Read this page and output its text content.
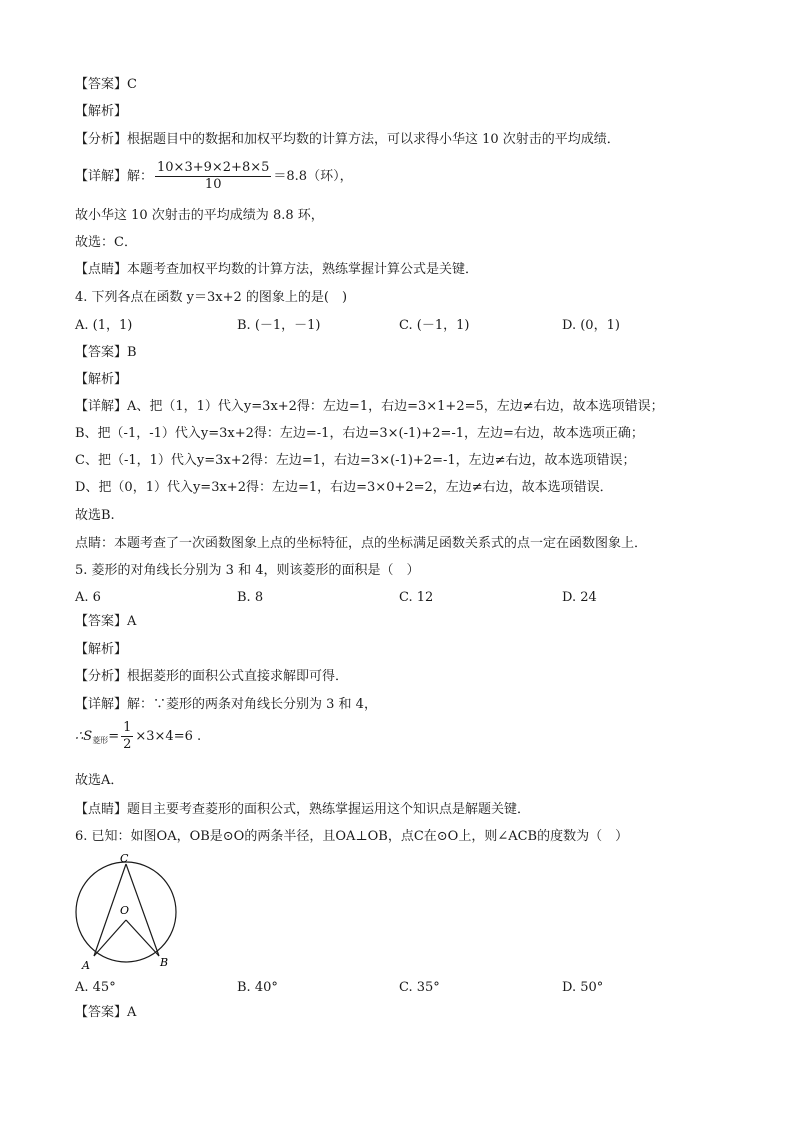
【答案】C
【解析】
【分析】根据题目中的数据和加权平均数的计算方法，可以求得小华这 10 次射击的平均成绩．
【详解】解： $\frac{10\times 3+9\times 2+8\times 5}{10} =8.8$（环），
故小华这 10 次射击的平均成绩为 8.8 环，
故选：C．
【点睛】本题考查加权平均数的计算方法，熟练掌握计算公式是关键．
4. 下列各点在函数 y＝3x+2 的图象上的是(　)
A. (1，1)	B. (－1，－1)	C. (－1，1)	D. (0，1)
【答案】B
【解析】
【详解】A、把（1，1）代入y=3x+2得：左边=1，右边=3×1+2=5，左边≠右边，故本选项错误；
B、把（-1，-1）代入y=3x+2得：左边=-1，右边=3×(-1)+2=-1，左边=右边，故本选项正确；
C、把（-1，1）代入y=3x+2得：左边=1，右边=3×(-1)+2=-1，左边≠右边，故本选项错误；
D、把（0，1）代入y=3x+2得：左边=1，右边=3×0+2=2，左边≠右边，故本选项错误．
故选B.
点睛：本题考查了一次函数图象上点的坐标特征，点的坐标满足函数关系式的点一定在函数图象上．
5. 菱形的对角线长分别为 3 和 4，则该菱形的面积是（　）
A. 6	B. 8	C. 12	D. 24
【答案】A
【解析】
【分析】根据菱形的面积公式直接求解即可得．
【详解】解：∵菱形的两条对角线长分别为 3 和 4，
$\therefore S_{菱形}= \frac{1}{2} \times 3\times 4=6$ .
故选A．
【点睛】题目主要考查菱形的面积公式，熟练掌握运用这个知识点是解题关键．
6. 已知：如图OA，OB是⊙O的两条半径，且OA⊥OB，点C在⊙O上，则∠ACB的度数为（　）
C
O
A	B
A. 45°	B. 40°	C. 35°	D. 50°
【答案】A
